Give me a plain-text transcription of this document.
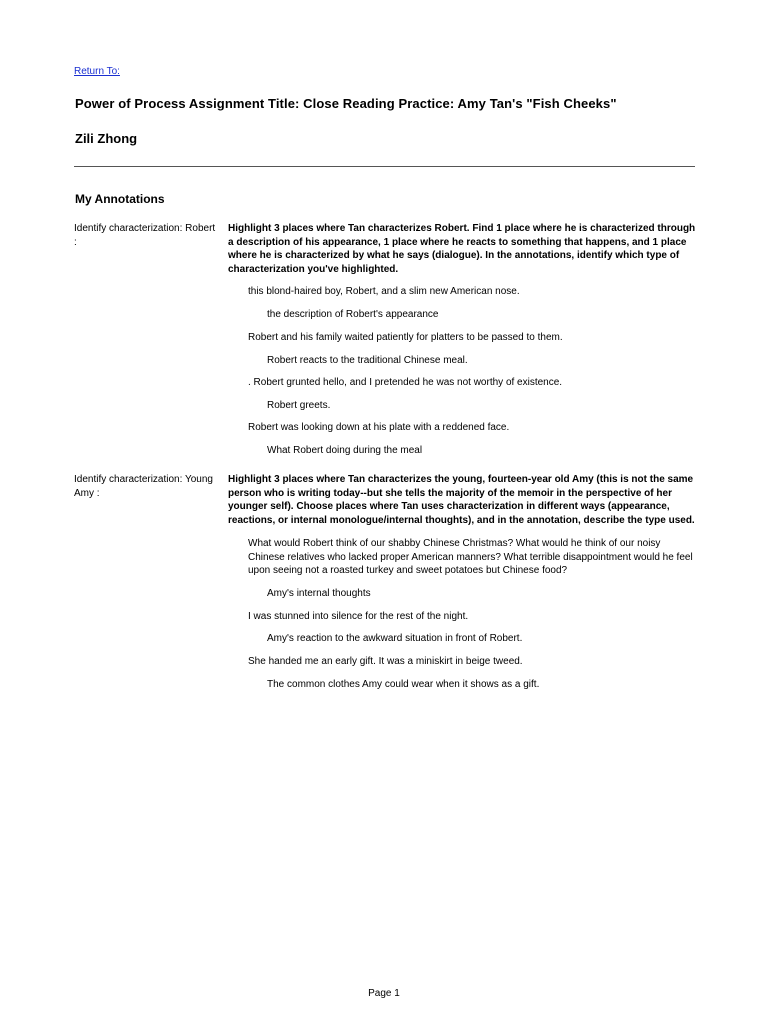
Return To:
Power of Process Assignment Title: Close Reading Practice: Amy Tan's "Fish Cheeks"
Zili Zhong
My Annotations
Identify characterization: Robert :
Highlight 3 places where Tan characterizes Robert. Find 1 place where he is characterized through a description of his appearance, 1 place where he reacts to something that happens, and 1 place where he is characterized by what he says (dialogue). In the annotations, identify which type of characterization you've highlighted.
this blond-haired boy, Robert, and a slim new American nose.
the description of Robert's appearance
Robert and his family waited patiently for platters to be passed to them.
Robert reacts to the traditional Chinese meal.
. Robert grunted hello, and I pretended he was not worthy of existence.
Robert greets.
Robert was looking down at his plate with a reddened face.
What Robert doing during the meal
Identify characterization: Young Amy :
Highlight 3 places where Tan characterizes the young, fourteen-year old Amy (this is not the same person who is writing today--but she tells the majority of the memoir in the perspective of her younger self). Choose places where Tan uses characterization in different ways (appearance, reactions, or internal monologue/internal thoughts), and in the annotation, describe the type used.
What would Robert think of our shabby Chinese Christmas? What would he think of our noisy Chinese relatives who lacked proper American manners? What terrible disappointment would he feel upon seeing not a roasted turkey and sweet potatoes but Chinese food?
Amy's internal thoughts
I was stunned into silence for the rest of the night.
Amy's reaction to the awkward situation in front of Robert.
She handed me an early gift. It was a miniskirt in beige tweed.
The common clothes Amy could wear when it shows as a gift.
Page 1
